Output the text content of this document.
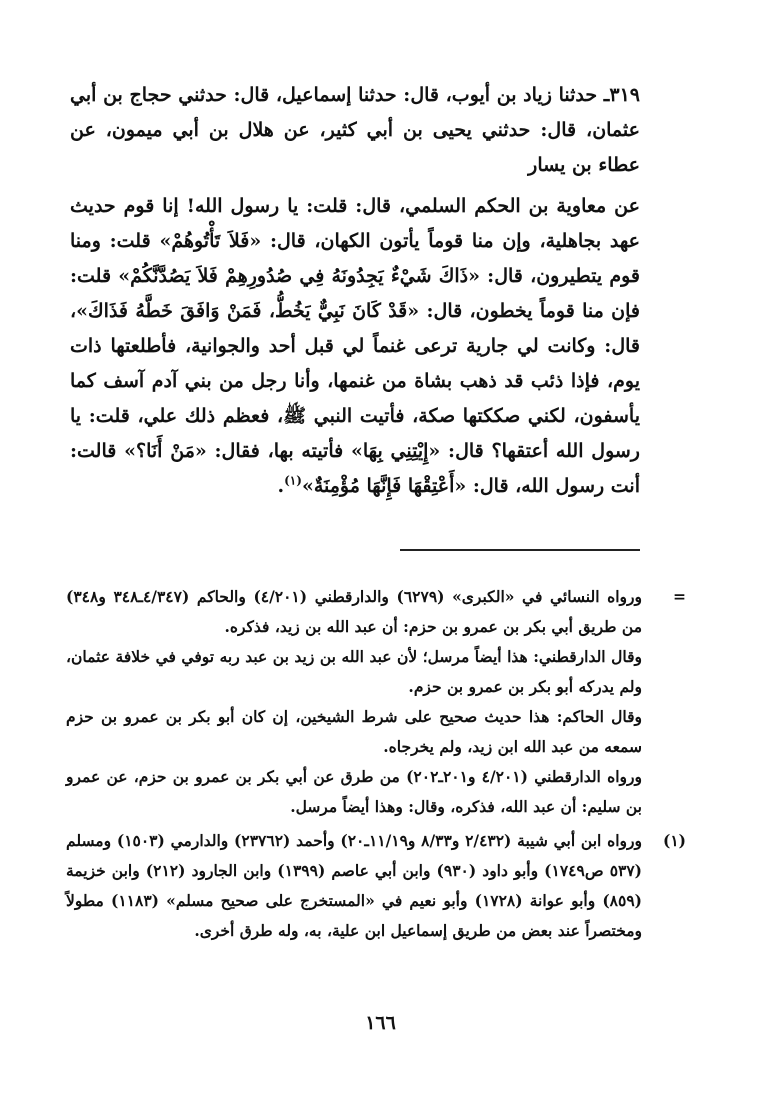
٣١٩ـ حدثنا زياد بن أيوب، قال: حدثنا إسماعيل، قال: حدثني حجاج بن أبي عثمان، قال: حدثني يحيى بن أبي كثير، عن هلال بن أبي ميمون، عن عطاء بن يسار

عن معاوية بن الحكم السلمي، قال: قلت: يا رسول الله! إنا قوم حديث عهد بجاهلية، وإن منا قوماً يأتون الكهان، قال: «فَلاَ تَأْتُوهُمْ» قلت: ومنا قوم يتطيرون، قال: «ذَاكَ شَيْءٌ يَجِدُونَهُ فِي صُدُورِهِمْ فَلاَ يَصُدَّنَّكُمْ» قلت: فإن منا قوماً يخطون، قال: «قَدْ كَانَ نَبِيٌّ يَخُطُّ، فَمَنْ وَافَقَ خَطَّهُ فَذَاكَ»، قال: وكانت لي جارية ترعى غنماً لي قبل أحد والجوانية، فأطلعتها ذات يوم، فإذا ذئب قد ذهب بشاة من غنمها، وأنا رجل من بني آدم آسف كما يأسفون، لكني صككتها صكة، فأتيت النبي ﷺ، فعظم ذلك علي، قلت: يا رسول الله أعتقها؟ قال: «إِيْتِنِي بِهَا» فأتيته بها، فقال: «مَنْ أَنَا؟» قالت: أنت رسول الله، قال: «أَعْتِقْهَا فَإِنَّهَا مُؤْمِنَةٌ»$^{(١)}$.

=

ورواه النسائي في «الكبرى» (٦٢٧٩) والدارقطني (٤/٢٠١) والحاكم (٤/٣٤٧ـ٣٤٨ و٣٤٨) من طريق أبي بكر بن عمرو بن حزم: أن عبد الله بن زيد، فذكره.

وقال الدارقطني: هذا أيضاً مرسل؛ لأن عبد الله بن زيد بن عبد ربه توفي في خلافة عثمان، ولم يدركه أبو بكر بن عمرو بن حزم.

وقال الحاكم: هذا حديث صحيح على شرط الشيخين، إن كان أبو بكر بن عمرو بن حزم سمعه من عبد الله ابن زيد، ولم يخرجاه.

ورواه الدارقطني (٤/٢٠١ و٢٠١ـ٢٠٢) من طرق عن أبي بكر بن عمرو بن حزم، عن عمرو بن سليم: أن عبد الله، فذكره، وقال: وهذا أيضاً مرسل.

(١)

ورواه ابن أبي شيبة (٢/٤٣٢ و٨/٣٣ و١١/١٩ـ٢٠) وأحمد (٢٣٧٦٢) والدارمي (١٥٠٣) ومسلم (٥٣٧ ص١٧٤٩) وأبو داود (٩٣٠) وابن أبي عاصم (١٣٩٩) وابن الجارود (٢١٢) وابن خزيمة (٨٥٩) وأبو عوانة (١٧٢٨) وأبو نعيم في «المستخرج على صحيح مسلم» (١١٨٣) مطولاً ومختصراً عند بعض من طريق إسماعيل ابن علية، به، وله طرق أخرى.

١٦٦
